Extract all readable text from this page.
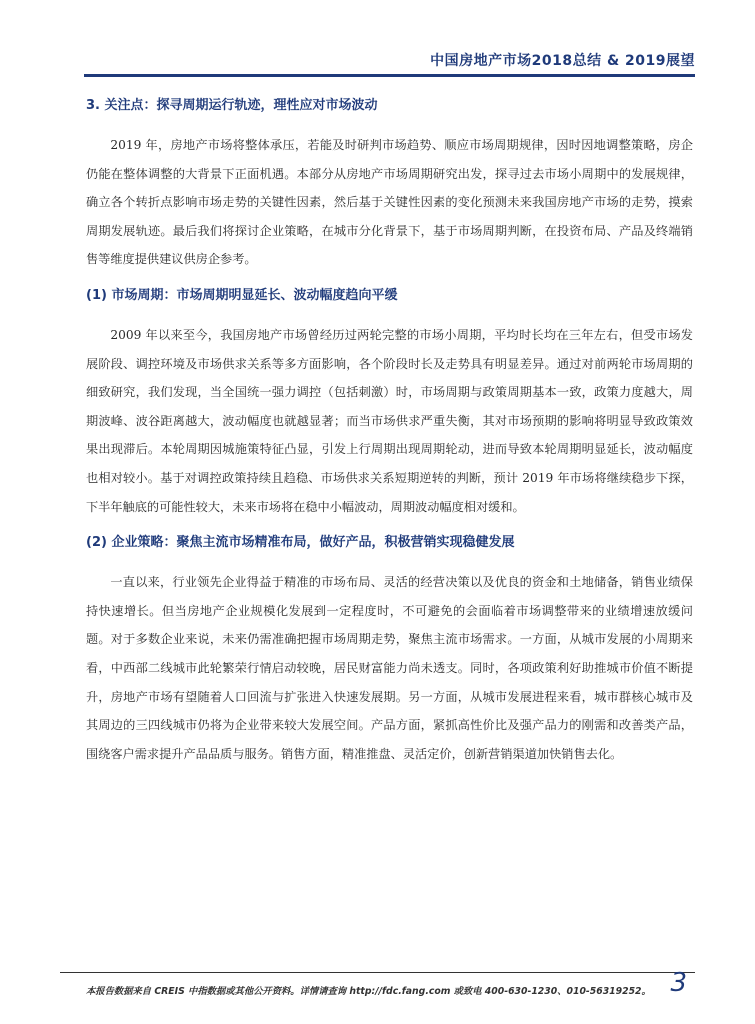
中国房地产市场2018总结 & 2019展望
3. 关注点：探寻周期运行轨迹，理性应对市场波动

2019 年，房地产市场将整体承压，若能及时研判市场趋势、顺应市场周期规律，因时因地调整策略，房企仍能在整体调整的大背景下正面机遇。本部分从房地产市场周期研究出发，探寻过去市场小周期中的发展规律，确立各个转折点影响市场走势的关键性因素，然后基于关键性因素的变化预测未来我国房地产市场的走势，摸索周期发展轨迹。最后我们将探讨企业策略，在城市分化背景下，基于市场周期判断，在投资布局、产品及终端销售等维度提供建议供房企参考。

(1) 市场周期：市场周期明显延长、波动幅度趋向平缓

2009 年以来至今，我国房地产市场曾经历过两轮完整的市场小周期，平均时长均在三年左右，但受市场发展阶段、调控环境及市场供求关系等多方面影响，各个阶段时长及走势具有明显差异。通过对前两轮市场周期的细致研究，我们发现，当全国统一强力调控（包括刺激）时，市场周期与政策周期基本一致，政策力度越大，周期波峰、波谷距离越大，波动幅度也就越显著；而当市场供求严重失衡，其对市场预期的影响将明显导致政策效果出现滞后。本轮周期因城施策特征凸显，引发上行周期出现周期轮动，进而导致本轮周期明显延长，波动幅度也相对较小。基于对调控政策持续且趋稳、市场供求关系短期逆转的判断，预计 2019 年市场将继续稳步下探，下半年触底的可能性较大，未来市场将在稳中小幅波动，周期波动幅度相对缓和。

(2) 企业策略：聚焦主流市场精准布局，做好产品，积极营销实现稳健发展

一直以来，行业领先企业得益于精准的市场布局、灵活的经营决策以及优良的资金和土地储备，销售业绩保持快速增长。但当房地产企业规模化发展到一定程度时，不可避免的会面临着市场调整带来的业绩增速放缓问题。对于多数企业来说，未来仍需准确把握市场周期走势，聚焦主流市场需求。一方面，从城市发展的小周期来看，中西部二线城市此轮繁荣行情启动较晚，居民财富能力尚未透支。同时，各项政策利好助推城市价值不断提升，房地产市场有望随着人口回流与扩张进入快速发展期。另一方面，从城市发展进程来看，城市群核心城市及其周边的三四线城市仍将为企业带来较大发展空间。产品方面，紧抓高性价比及强产品力的刚需和改善类产品，围绕客户需求提升产品品质与服务。销售方面，精准推盘、灵活定价，创新营销渠道加快销售去化。

本报告数据来自 CREIS 中指数据或其他公开资料。详情请查询 http://fdc.fang.com 或致电 400-630-1230、010-56319252。 3
